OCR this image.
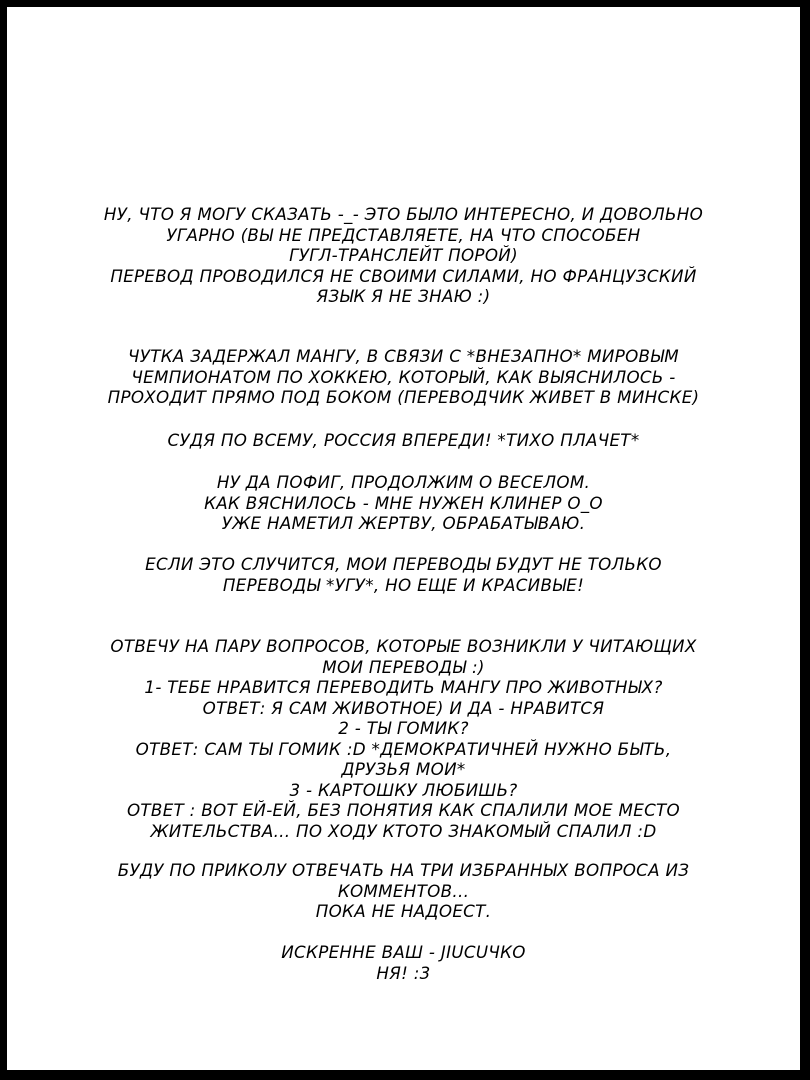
НУ, ЧТО Я МОГУ СКАЗАТЬ -_- ЭТО БЫЛО ИНТЕРЕСНО, И ДОВОЛЬНО
УГАРНО (ВЫ НЕ ПРЕДСТАВЛЯЕТЕ, НА ЧТО СПОСОБЕН
ГУГЛ-ТРАНСЛЕЙТ ПОРОЙ)
ПЕРЕВОД ПРОВОДИЛСЯ НЕ СВОИМИ СИЛАМИ, НО ФРАНЦУЗСКИЙ
ЯЗЫК Я НЕ ЗНАЮ :)
ЧУТКА ЗАДЕРЖАЛ МАНГУ, В СВЯЗИ С *ВНЕЗАПНО* МИРОВЫМ
ЧЕМПИОНАТОМ ПО ХОККЕЮ, КОТОРЫЙ, КАК ВЫЯСНИЛОСЬ -
ПРОХОДИТ ПРЯМО ПОД БОКОМ (ПЕРЕВОДЧИК ЖИВЕТ В МИНСКЕ)
СУДЯ ПО ВСЕМУ, РОССИЯ ВПЕРЕДИ! *ТИХО ПЛАЧЕТ*
НУ ДА ПОФИГ, ПРОДОЛЖИМ О ВЕСЕЛОМ.
КАК ВЯСНИЛОСЬ - МНЕ НУЖЕН КЛИНЕР О_О
УЖЕ НАМЕТИЛ ЖЕРТВУ, ОБРАБАТЫВАЮ.
ЕСЛИ ЭТО СЛУЧИТСЯ, МОИ ПЕРЕВОДЫ БУДУТ НЕ ТОЛЬКО
ПЕРЕВОДЫ *УГУ*, НО ЕЩЕ И КРАСИВЫЕ!
ОТВЕЧУ НА ПАРУ ВОПРОСОВ, КОТОРЫЕ ВОЗНИКЛИ У ЧИТАЮЩИХ
МОИ ПЕРЕВОДЫ :)
1- ТЕБЕ НРАВИТСЯ ПЕРЕВОДИТЬ МАНГУ ПРО ЖИВОТНЫХ?
ОТВЕТ: Я САМ ЖИВОТНОЕ) И ДА - НРАВИТСЯ
2 - ТЫ ГОМИК?
ОТВЕТ: САМ ТЫ ГОМИК :D *ДЕМОКРАТИЧНЕЙ НУЖНО БЫТЬ,
ДРУЗЬЯ МОИ*
3 - КАРТОШКУ ЛЮБИШЬ?
ОТВЕТ : ВОТ ЕЙ-ЕЙ, БЕЗ ПОНЯТИЯ КАК СПАЛИЛИ МОЕ МЕСТО
ЖИТЕЛЬСТВА... ПО ХОДУ КТОТО ЗНАКОМЫЙ СПАЛИЛ :D
БУДУ ПО ПРИКОЛУ ОТВЕЧАТЬ НА ТРИ ИЗБРАННЫХ ВОПРОСА ИЗ
КОММЕНТОВ...
ПОКА НЕ НАДОЕСТ.
ИСКРЕННЕ ВАШ - JIUCUЧКО
НЯ! :3
